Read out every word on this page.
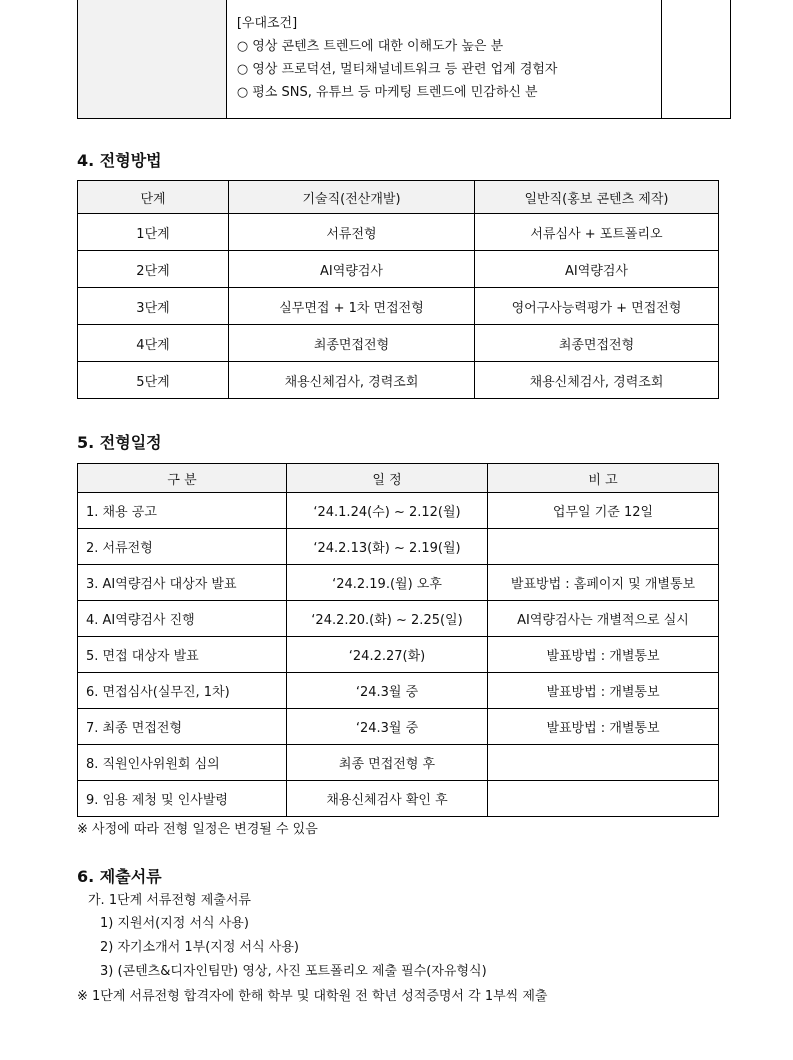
[우대조건]
○ 영상 콘텐츠 트렌드에 대한 이해도가 높은 분
○ 영상 프로덕션, 멀티채널네트워크 등 관련 업계 경험자
○ 평소 SNS, 유튜브 등 마케팅 트렌드에 민감하신 분

4. 전형방법
단계	기술직(전산개발)	일반직(홍보 콘텐츠 제작)
1단계	서류전형	서류심사 + 포트폴리오
2단계	AI역량검사	AI역량검사
3단계	실무면접 + 1차 면접전형	영어구사능력평가 + 면접전형
4단계	최종면접전형	최종면접전형
5단계	채용신체검사, 경력조회	채용신체검사, 경력조회
5. 전형일정
구 분	일 정	비 고
1. 채용 공고	‘24.1.24(수) ~ 2.12(월)	업무일 기준 12일
2. 서류전형	‘24.2.13(화) ~ 2.19(월)	
3. AI역량검사 대상자 발표	‘24.2.19.(월) 오후	발표방법 : 홈페이지 및 개별통보
4. AI역량검사 진행	‘24.2.20.(화) ~ 2.25(일)	AI역량검사는 개별적으로 실시
5. 면접 대상자 발표	‘24.2.27(화)	발표방법 : 개별통보
6. 면접심사(실무진, 1차)	‘24.3월 중	발표방법 : 개별통보
7. 최종 면접전형	‘24.3월 중	발표방법 : 개별통보
8. 직원인사위원회 심의	최종 면접전형 후	
9. 임용 제청 및 인사발령	채용신체검사 확인 후	
※ 사정에 따라 전형 일정은 변경될 수 있음
6. 제출서류
가. 1단계 서류전형 제출서류
1) 지원서(지정 서식 사용)
2) 자기소개서 1부(지정 서식 사용)
3) (콘텐츠&디자인팀만) 영상, 사진 포트폴리오 제출 필수(자유형식)
※ 1단계 서류전형 합격자에 한해 학부 및 대학원 전 학년 성적증명서 각 1부씩 제출
